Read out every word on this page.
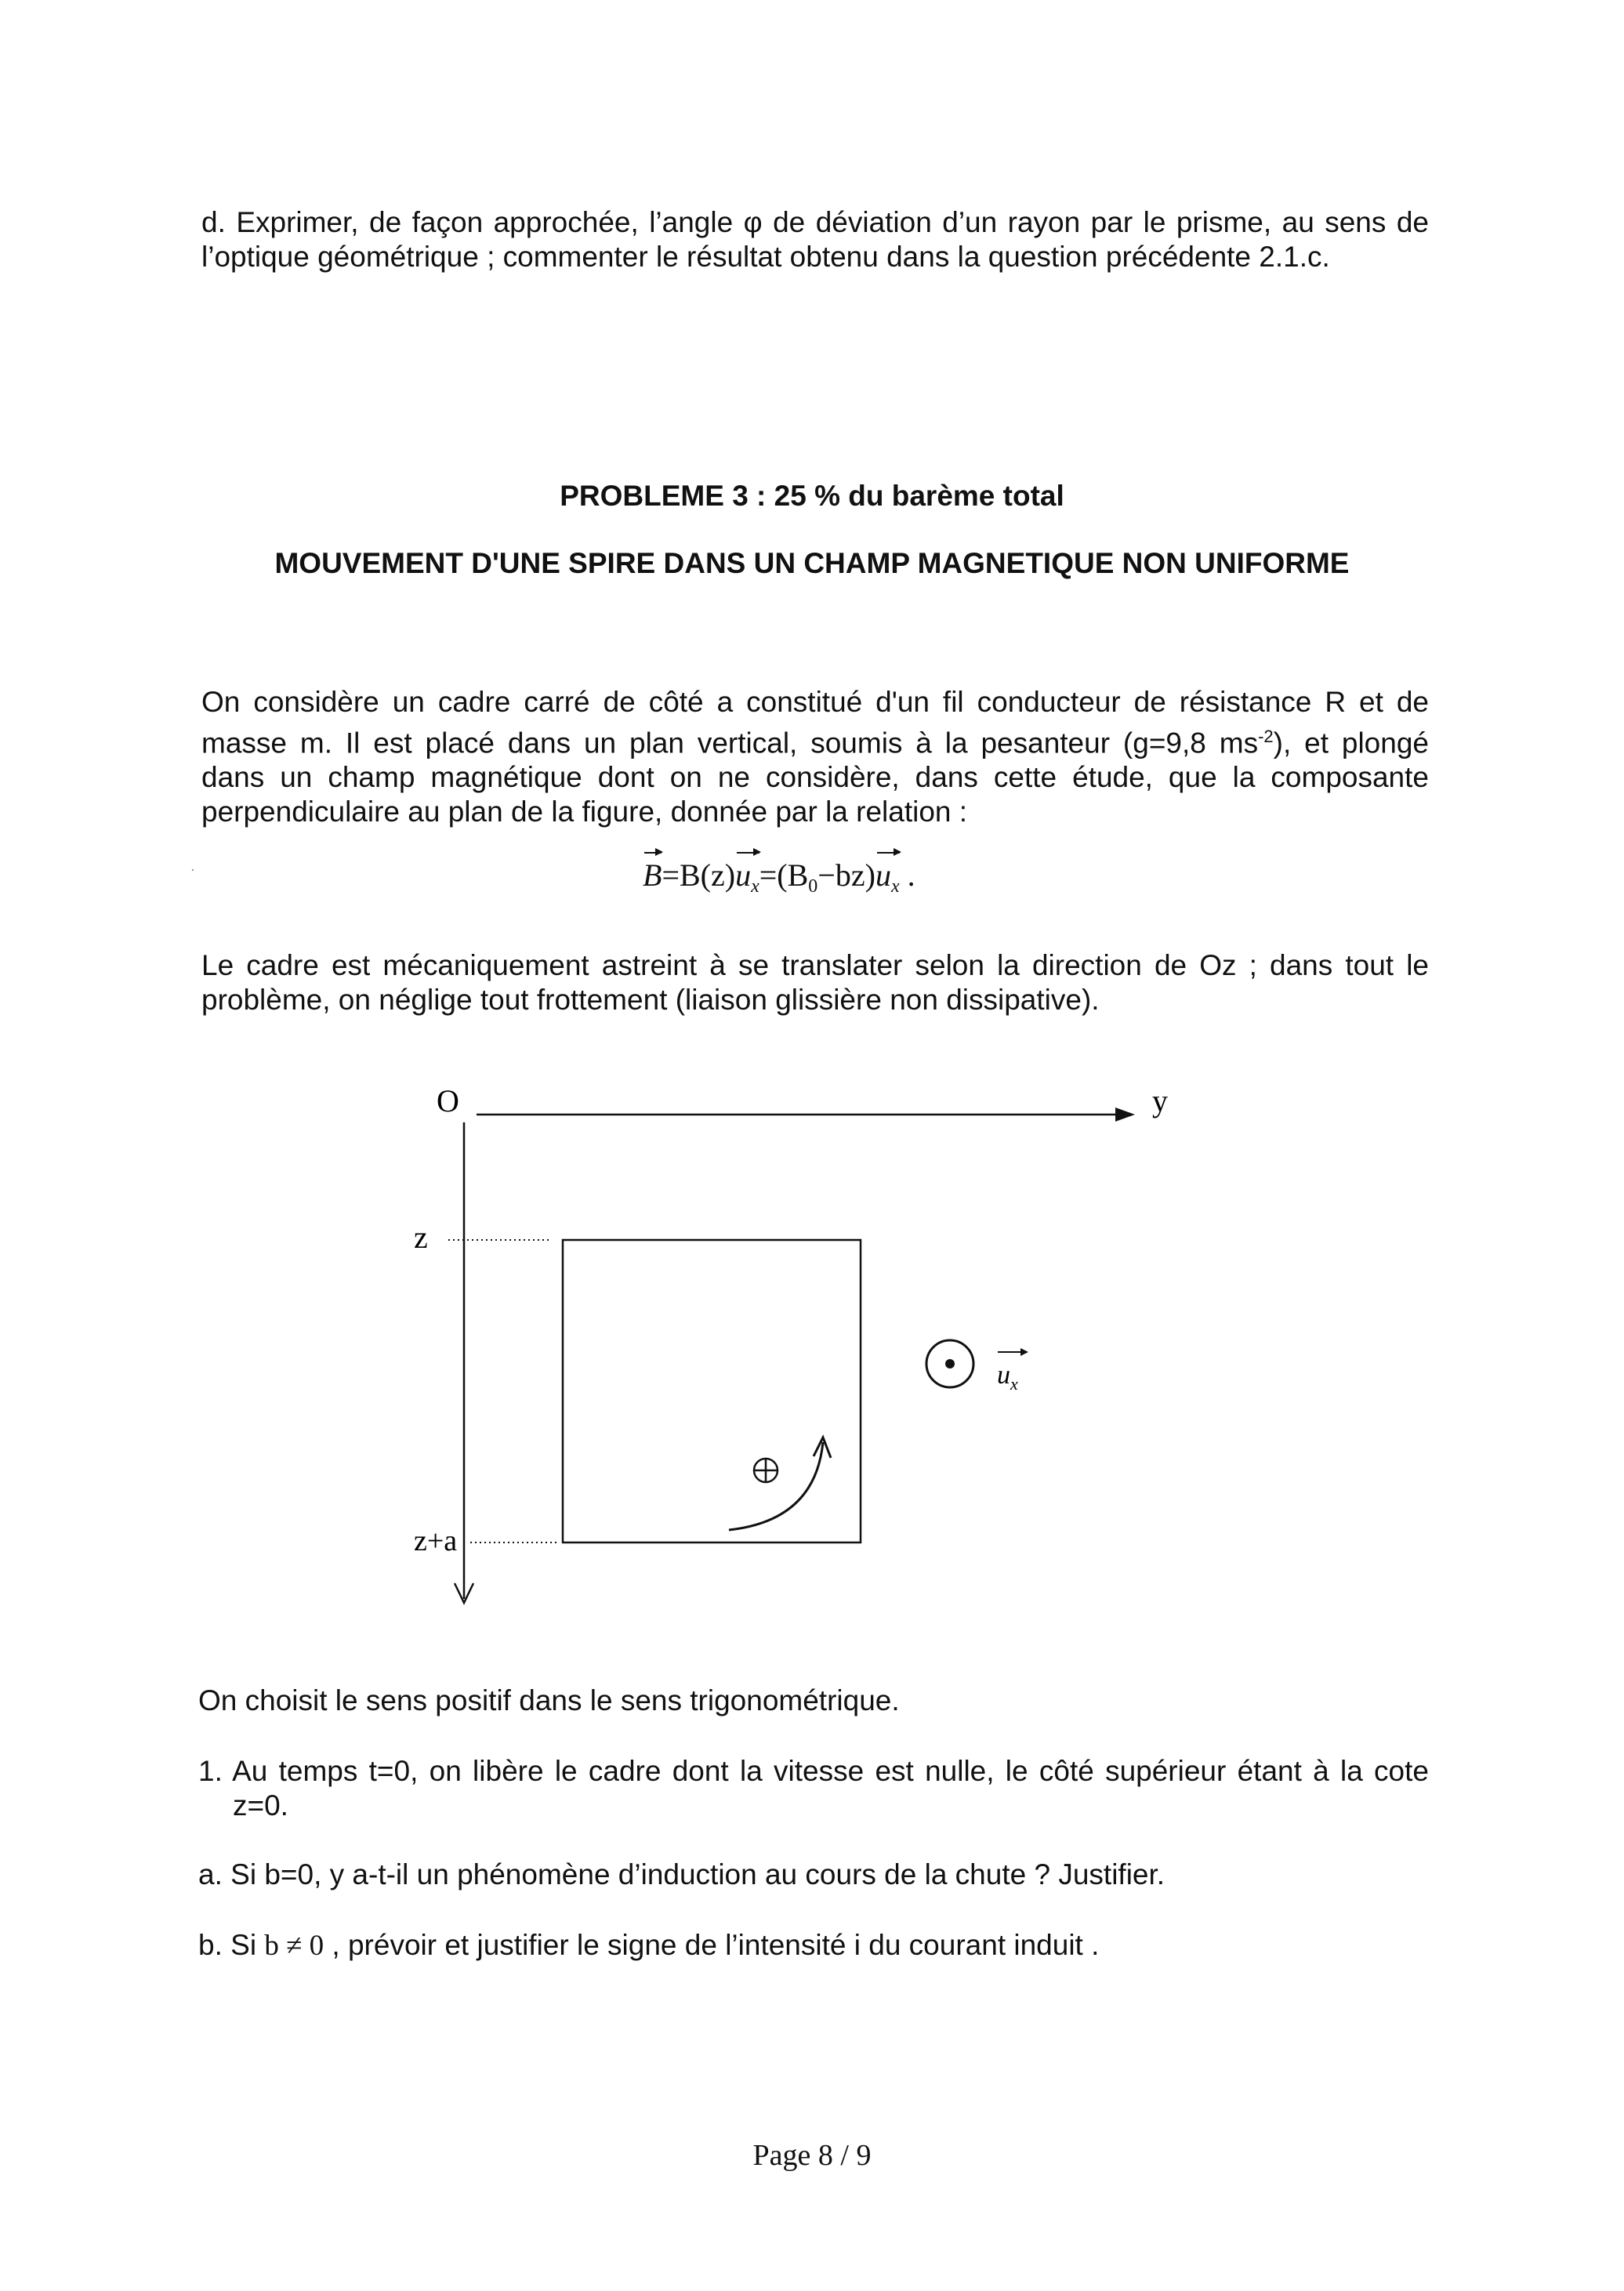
d. Exprimer, de façon approchée, l’angle φ de déviation d’un rayon par le prisme, au sens de
l’optique géométrique ; commenter le résultat obtenu dans la question précédente 2.1.c.

PROBLEME 3 : 25 % du barème total

MOUVEMENT D'UNE SPIRE DANS UN CHAMP MAGNETIQUE NON UNIFORME

On considère un cadre carré de côté a constitué d'un fil conducteur de résistance R et de
masse m. Il est placé dans un plan vertical, soumis à la pesanteur (g=9,8 $ms^{-2}$), et plongé
dans un champ magnétique dont on ne considère, dans cette étude, que la composante
perpendiculaire au plan de la figure, donnée par la relation :
$B=B(z)u_x=(B_0-bz)u_x$ .
Le cadre est mécaniquement astreint à se translater selon la direction de Oz ; dans tout le
problème, on néglige tout frottement (liaison glissière non dissipative).
O	y
z
z+a
$u_x$

On choisit le sens positif dans le sens trigonométrique.

1. Au temps t=0, on libère le cadre dont la vitesse est nulle, le côté supérieur étant à la cote
z=0.

a. Si b=0, y a-t-il un phénomène d’induction au cours de la chute ? Justifier.

b. Si b ≠ 0 , prévoir et justifier le signe de l’intensité i du courant induit .

Page 8 / 9
